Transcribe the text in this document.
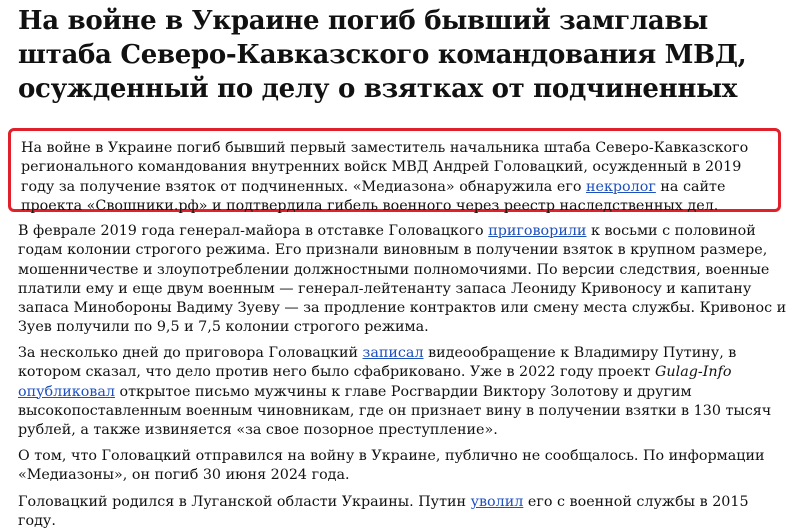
На войне в Украине погиб бывший замглавы штаба Северо-Кавказского командования МВД, осужденный по делу о взятках от подчиненных
На войне в Украине погиб бывший первый заместитель начальника штаба Северо-Кавказского регионального командования внутренних войск МВД Андрей Головацкий, осужденный в 2019 году за получение взяток от подчиненных. «Медиазона» обнаружила его некролог на сайте проекта «Свошники.рф» и подтвердила гибель военного через реестр наследственных дел.

В феврале 2019 года генерал-майора в отставке Головацкого приговорили к восьми с половиной годам колонии строгого режима. Его признали виновным в получении взяток в крупном размере, мошенничестве и злоупотреблении должностными полномочиями. По версии следствия, военные платили ему и еще двум военным — генерал-лейтенанту запаса Леониду Кривоносу и капитану запаса Минобороны Вадиму Зуеву — за продление контрактов или смену места службы. Кривонос и Зуев получили по 9,5 и 7,5 колонии строгого режима.

За несколько дней до приговора Головацкий записал видеообращение к Владимиру Путину, в котором сказал, что дело против него было сфабриковано. Уже в 2022 году проект Gulag-Info опубликовал открытое письмо мужчины к главе Росгвардии Виктору Золотову и другим высокопоставленным военным чиновникам, где он признает вину в получении взятки в 130 тысяч рублей, а также извиняется «за свое позорное преступление».

О том, что Головацкий отправился на войну в Украине, публично не сообщалось. По информации «Медиазоны», он погиб 30 июня 2024 года.

Головацкий родился в Луганской области Украины. Путин уволил его с военной службы в 2015 году.
